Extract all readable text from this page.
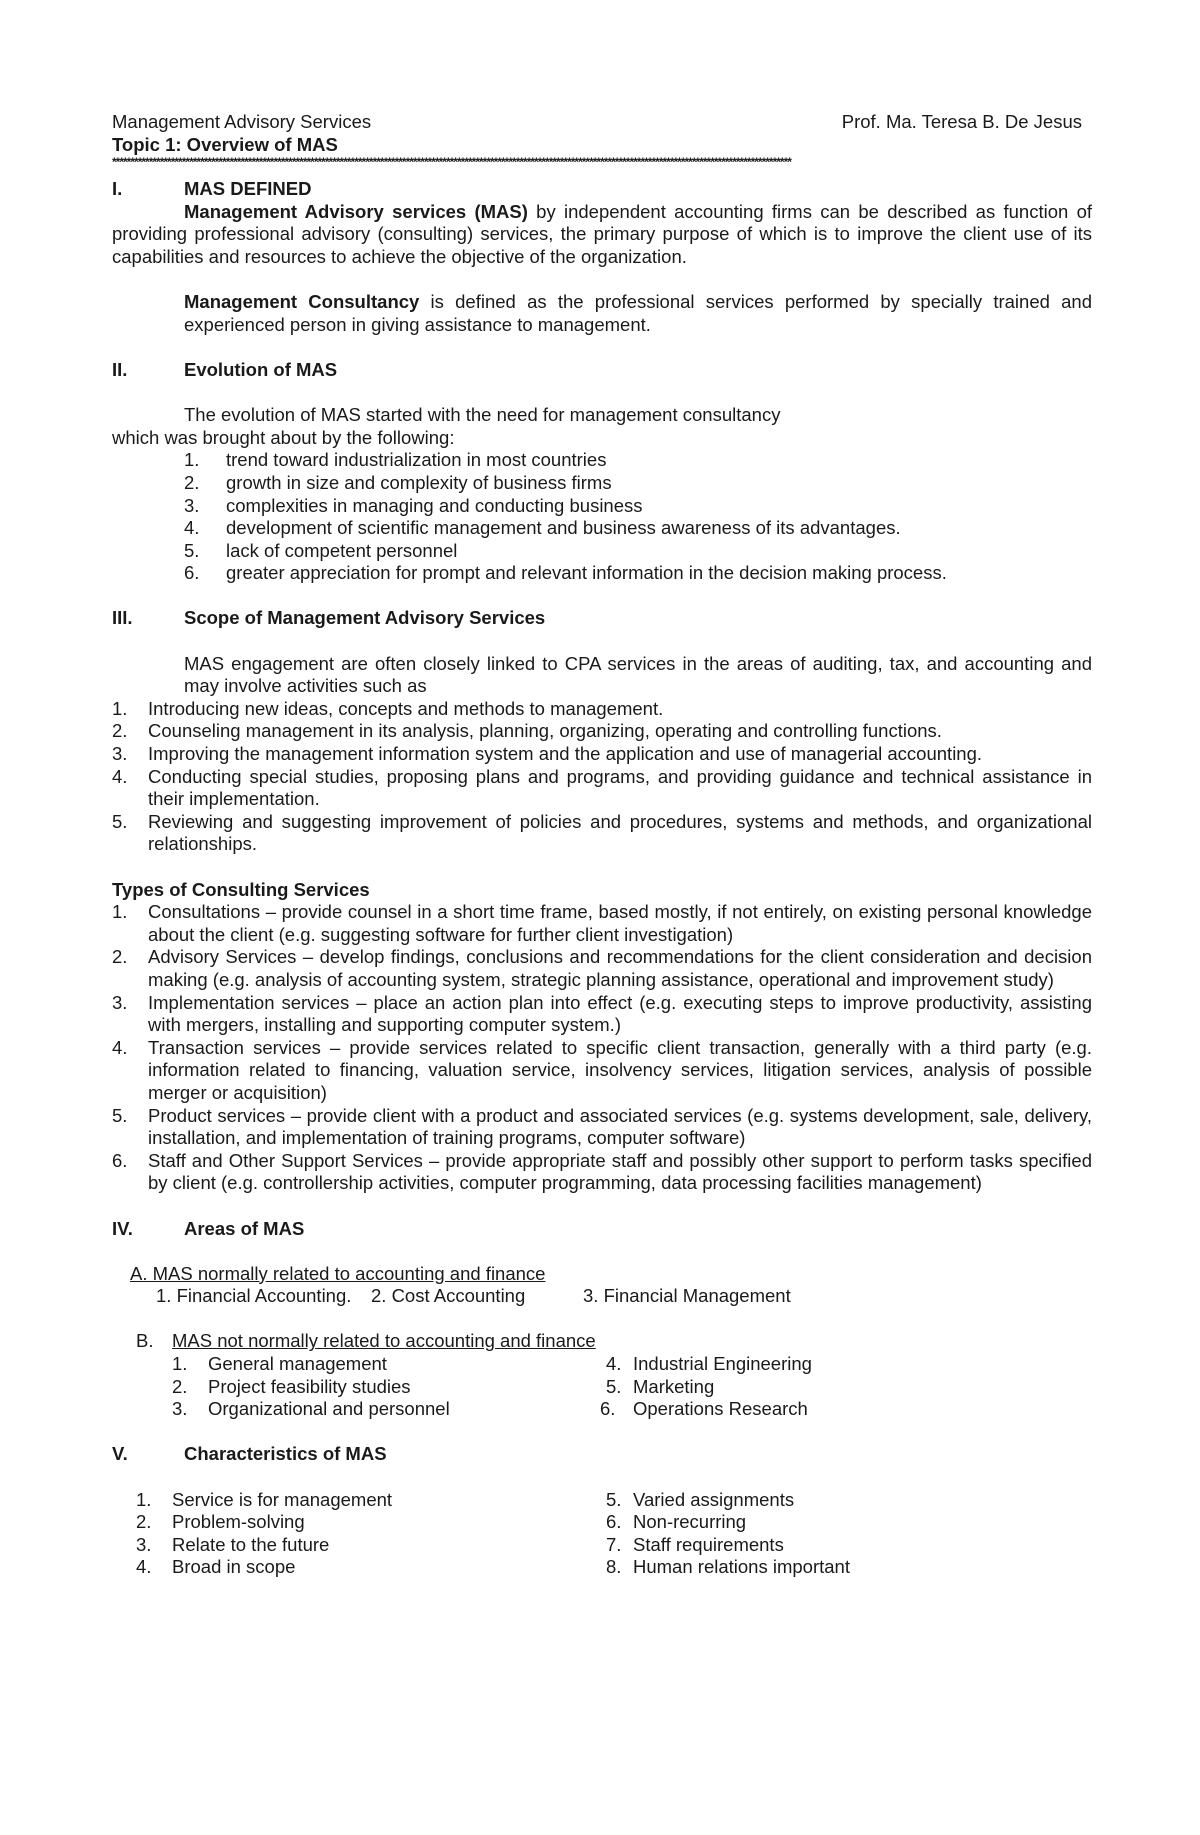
Management Advisory Services	Prof. Ma. Teresa B. De Jesus
Topic 1: Overview of MAS
*****************************************************************************************************************************************************************************************
I.	MAS DEFINED
Management Advisory services (MAS) by independent accounting firms can be described as function of providing professional advisory (consulting) services, the primary purpose of which is to improve the client use of its capabilities and resources to achieve the objective of the organization.
Management Consultancy is defined as the professional services performed by specially trained and experienced person in giving assistance to management.
II.	Evolution of MAS
The evolution of MAS started with the need for management consultancy
which was brought about by the following:
1.	trend toward industrialization in most countries
2.	growth in size and complexity of business firms
3.	complexities in managing and conducting business
4.	development of scientific management and business awareness of its advantages.
5.	lack of competent personnel
6.	greater appreciation for prompt and relevant information in the decision making process.
III.	Scope of Management Advisory Services
MAS engagement are often closely linked to CPA services in the areas of auditing, tax, and accounting and may involve activities such as
1.	Introducing new ideas, concepts and methods to management.
2.	Counseling management in its analysis, planning, organizing, operating and controlling functions.
3.	Improving the management information system and the application and use of managerial accounting.
4.	Conducting special studies, proposing plans and programs, and providing guidance and technical assistance in their implementation.
5.	Reviewing and suggesting improvement of policies and procedures, systems and methods, and organizational relationships.
Types of Consulting Services
1.	Consultations – provide counsel in a short time frame, based mostly, if not entirely, on existing personal knowledge about the client (e.g. suggesting software for further client investigation)
2.	Advisory Services – develop findings, conclusions and recommendations for the client consideration and decision making (e.g. analysis of accounting system, strategic planning assistance, operational and improvement study)
3.	Implementation services – place an action plan into effect (e.g. executing steps to improve productivity, assisting with mergers, installing and supporting computer system.)
4.	Transaction services – provide services related to specific client transaction, generally with a third party (e.g. information related to financing, valuation service, insolvency services, litigation services, analysis of possible merger or acquisition)
5.	Product services – provide client with a product and associated services (e.g. systems development, sale, delivery, installation, and implementation of training programs, computer software)
6.	Staff and Other Support Services – provide appropriate staff and possibly other support to perform tasks specified by client (e.g. controllership activities, computer programming, data processing facilities management)
IV.	Areas of MAS
A. MAS normally related to accounting and finance
1. Financial Accounting.	2. Cost Accounting	3. Financial Management
B.	MAS not normally related to accounting and finance
1.	General management
2.	Project feasibility studies
3.	Organizational and personnel
4. Industrial Engineering
5. Marketing
6. Operations Research
V.	Characteristics of MAS
1.	Service is for management
2.	Problem-solving
3.	Relate to the future
4.	Broad in scope
5. Varied assignments
6. Non-recurring
7. Staff requirements
8. Human relations important
